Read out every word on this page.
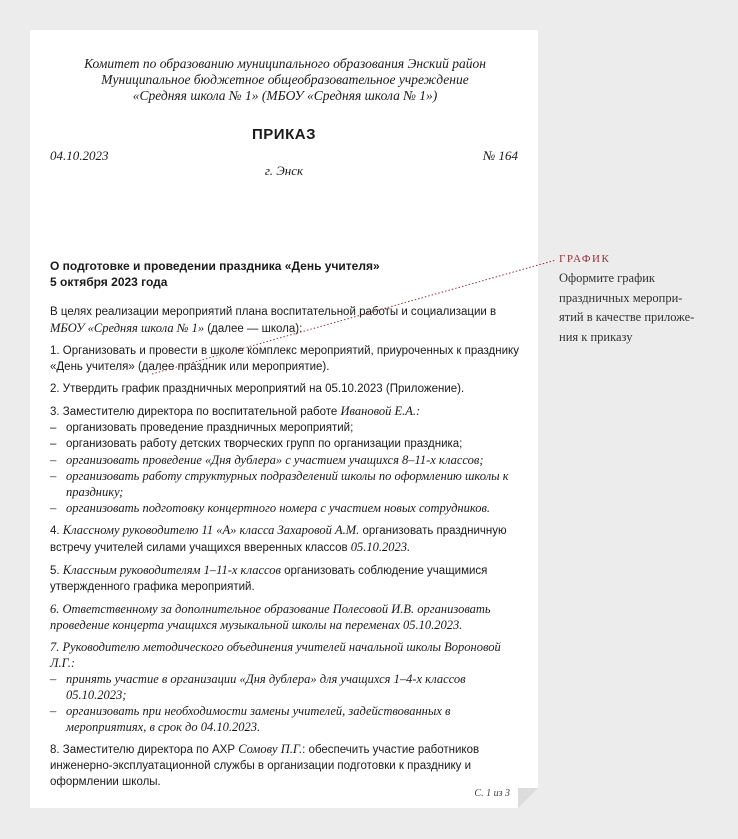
Комитет по образованию муниципального образования Энский район
Муниципальное бюджетное общеобразовательное учреждение
«Средняя школа № 1» (МБОУ «Средняя школа № 1»)
ПРИКАЗ
04.10.2023	№ 164
г. Энск
О подготовке и проведении праздника «День учителя»
5 октября 2023 года

В целях реализации мероприятий плана воспитательной работы и социализации в МБОУ «Средняя школа № 1» (далее — школа):

1. Организовать и провести в школе комплекс мероприятий, приуроченных к празднику «День учителя» (далее праздник или мероприятие).

2. Утвердить график праздничных мероприятий на 05.10.2023 (Приложение).

3. Заместителю директора по воспитательной работе Ивановой Е.А.:
– организовать проведение праздничных мероприятий;
– организовать работу детских творческих групп по организации праздника;
– организовать проведение «Дня дублера» с участием учащихся 8–11-х классов;
– организовать работу структурных подразделений школы по оформлению школы к празднику;
– организовать подготовку концертного номера с участием новых сотрудников.

4. Классному руководителю 11 «А» класса Захаровой А.М. организовать праздничную встречу учителей силами учащихся вверенных классов 05.10.2023.

5. Классным руководителям 1–11-х классов организовать соблюдение учащимися утвержденного графика мероприятий.

6. Ответственному за дополнительное образование Полесовой И.В. организовать проведение концерта учащихся музыкальной школы на переменах 05.10.2023.

7. Руководителю методического объединения учителей начальной школы Вороновой Л.Г.:
– принять участие в организации «Дня дублера» для учащихся 1–4-х классов 05.10.2023;
– организовать при необходимости замены учителей, задействованных в мероприятиях, в срок до 04.10.2023.

8. Заместителю директора по АХР Сомову П.Г.: обеспечить участие работников инженерно-эксплуатационной службы в организации подготовки к празднику и оформлении школы.

С. 1 из 3
ГРАФИК
Оформите график
праздничных меропри-
ятий в качестве приложе-
ния к приказу
